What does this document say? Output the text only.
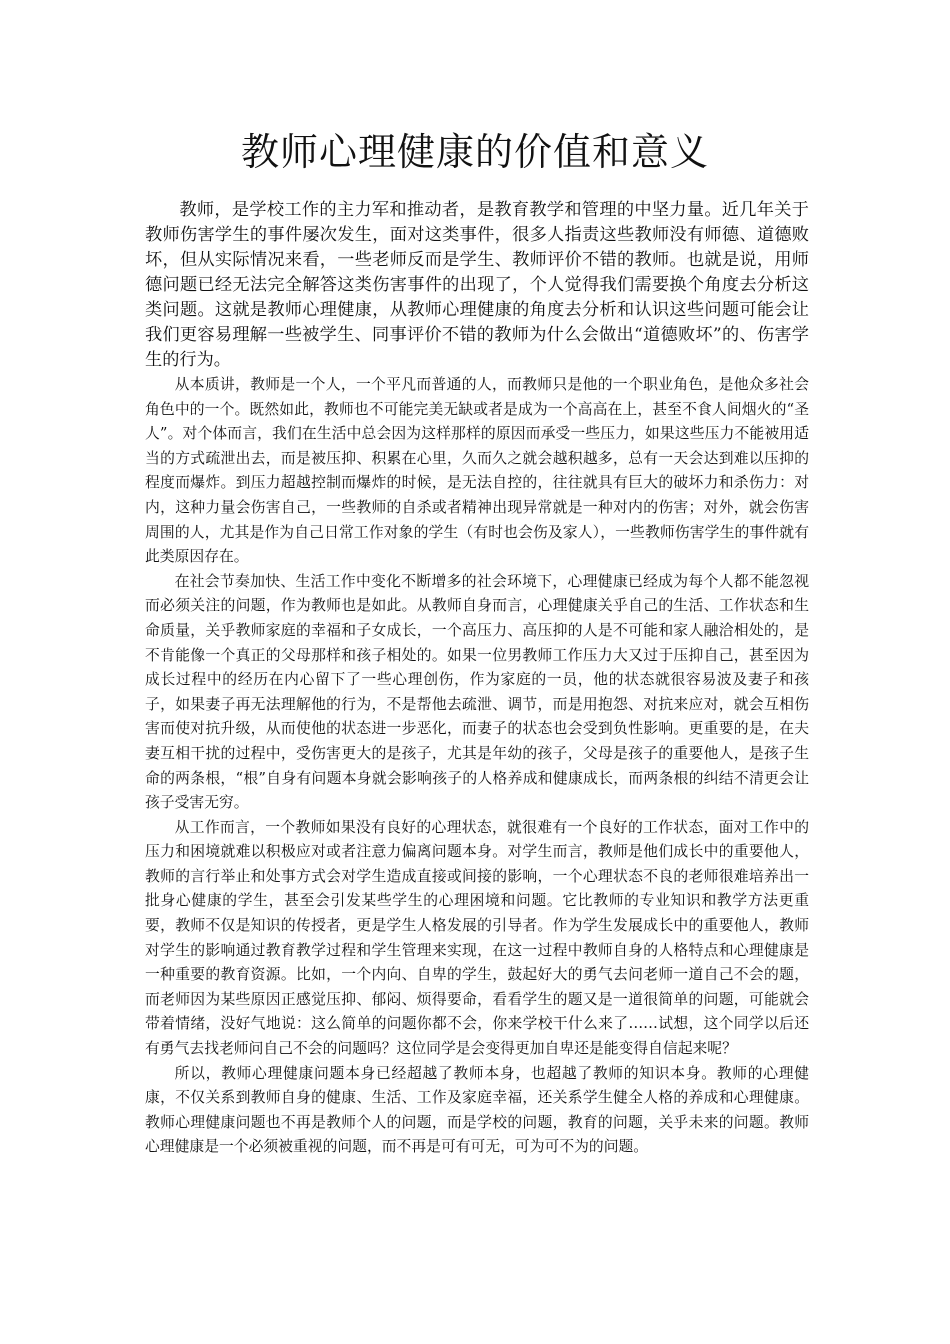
教师心理健康的价值和意义

教师，是学校工作的主力军和推动者，是教育教学和管理的中坚力量。近几年关于教师伤害学生的事件屡次发生，面对这类事件，很多人指责这些教师没有师德、道德败坏，但从实际情况来看，一些老师反而是学生、教师评价不错的教师。也就是说，用师德问题已经无法完全解答这类伤害事件的出现了，个人觉得我们需要换个角度去分析这类问题。这就是教师心理健康，从教师心理健康的角度去分析和认识这些问题可能会让我们更容易理解一些被学生、同事评价不错的教师为什么会做出“道德败坏”的、伤害学生的行为。

从本质讲，教师是一个人，一个平凡而普通的人，而教师只是他的一个职业角色，是他众多社会角色中的一个。既然如此，教师也不可能完美无缺或者是成为一个高高在上，甚至不食人间烟火的“圣人”。对个体而言，我们在生活中总会因为这样那样的原因而承受一些压力，如果这些压力不能被用适当的方式疏泄出去，而是被压抑、积累在心里，久而久之就会越积越多，总有一天会达到难以压抑的程度而爆炸。到压力超越控制而爆炸的时候，是无法自控的，往往就具有巨大的破坏力和杀伤力：对内，这种力量会伤害自己，一些教师的自杀或者精神出现异常就是一种对内的伤害；对外，就会伤害周围的人，尤其是作为自己日常工作对象的学生（有时也会伤及家人），一些教师伤害学生的事件就有此类原因存在。

在社会节奏加快、生活工作中变化不断增多的社会环境下，心理健康已经成为每个人都不能忽视而必须关注的问题，作为教师也是如此。从教师自身而言，心理健康关乎自己的生活、工作状态和生命质量，关乎教师家庭的幸福和子女成长，一个高压力、高压抑的人是不可能和家人融洽相处的，是不肯能像一个真正的父母那样和孩子相处的。如果一位男教师工作压力大又过于压抑自己，甚至因为成长过程中的经历在内心留下了一些心理创伤，作为家庭的一员，他的状态就很容易波及妻子和孩子，如果妻子再无法理解他的行为，不是帮他去疏泄、调节，而是用抱怨、对抗来应对，就会互相伤害而使对抗升级，从而使他的状态进一步恶化，而妻子的状态也会受到负性影响。更重要的是，在夫妻互相干扰的过程中，受伤害更大的是孩子，尤其是年幼的孩子，父母是孩子的重要他人，是孩子生命的两条根，“根”自身有问题本身就会影响孩子的人格养成和健康成长，而两条根的纠结不清更会让孩子受害无穷。

从工作而言，一个教师如果没有良好的心理状态，就很难有一个良好的工作状态，面对工作中的压力和困境就难以积极应对或者注意力偏离问题本身。对学生而言，教师是他们成长中的重要他人，教师的言行举止和处事方式会对学生造成直接或间接的影响，一个心理状态不良的老师很难培养出一批身心健康的学生，甚至会引发某些学生的心理困境和问题。它比教师的专业知识和教学方法更重要，教师不仅是知识的传授者，更是学生人格发展的引导者。作为学生发展成长中的重要他人，教师对学生的影响通过教育教学过程和学生管理来实现，在这一过程中教师自身的人格特点和心理健康是一种重要的教育资源。比如，一个内向、自卑的学生，鼓起好大的勇气去问老师一道自己不会的题，而老师因为某些原因正感觉压抑、郁闷、烦得要命，看看学生的题又是一道很简单的问题，可能就会带着情绪，没好气地说：这么简单的问题你都不会，你来学校干什么来了……试想，这个同学以后还有勇气去找老师问自己不会的问题吗？这位同学是会变得更加自卑还是能变得自信起来呢？

所以，教师心理健康问题本身已经超越了教师本身，也超越了教师的知识本身。教师的心理健康，不仅关系到教师自身的健康、生活、工作及家庭幸福，还关系学生健全人格的养成和心理健康。教师心理健康问题也不再是教师个人的问题，而是学校的问题，教育的问题，关乎未来的问题。教师心理健康是一个必须被重视的问题，而不再是可有可无，可为可不为的问题。
